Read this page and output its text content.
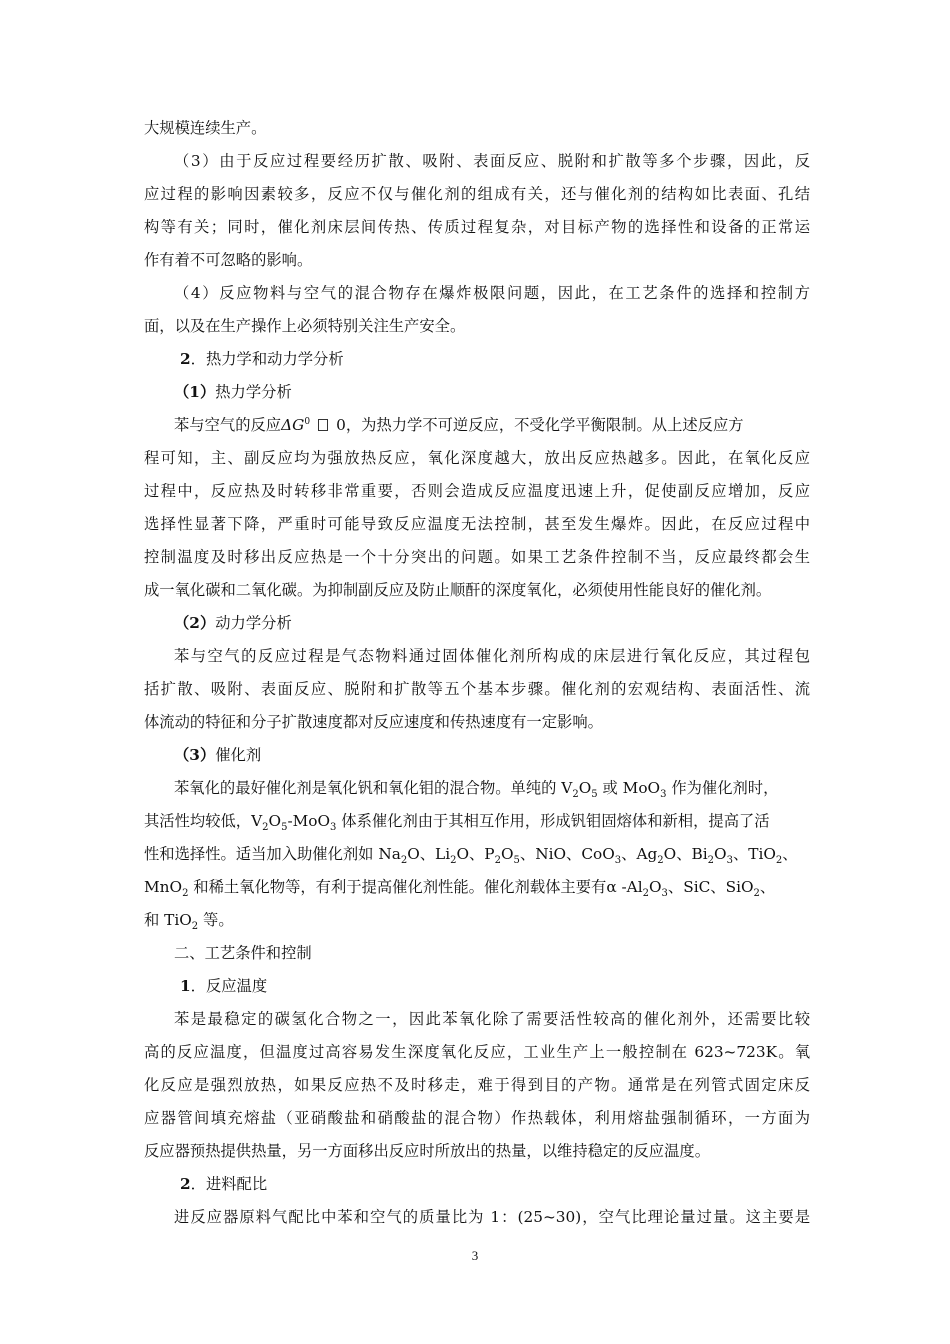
大规模连续生产。
（3）由于反应过程要经历扩散、吸附、表面反应、脱附和扩散等多个步骤，因此，反
应过程的影响因素较多，反应不仅与催化剂的组成有关，还与催化剂的结构如比表面、孔结
构等有关；同时，催化剂床层间传热、传质过程复杂，对目标产物的选择性和设备的正常运
作有着不可忽略的影响。
（4）反应物料与空气的混合物存在爆炸极限问题，因此，在工艺条件的选择和控制方
面，以及在生产操作上必须特别关注生产安全。
2．热力学和动力学分析
（1）热力学分析
苯与空气的反应$\Delta G^0$ 0，为热力学不可逆反应，不受化学平衡限制。从上述反应方
程可知，主、副反应均为强放热反应，氧化深度越大，放出反应热越多。因此，在氧化反应
过程中，反应热及时转移非常重要，否则会造成反应温度迅速上升，促使副反应增加，反应
选择性显著下降，严重时可能导致反应温度无法控制，甚至发生爆炸。因此，在反应过程中
控制温度及时移出反应热是一个十分突出的问题。如果工艺条件控制不当，反应最终都会生
成一氧化碳和二氧化碳。为抑制副反应及防止顺酐的深度氧化，必须使用性能良好的催化剂。
（2）动力学分析
苯与空气的反应过程是气态物料通过固体催化剂所构成的床层进行氧化反应，其过程包
括扩散、吸附、表面反应、脱附和扩散等五个基本步骤。催化剂的宏观结构、表面活性、流
体流动的特征和分子扩散速度都对反应速度和传热速度有一定影响。
（3）催化剂
苯氧化的最好催化剂是氧化钒和氧化钼的混合物。单纯的 $V_2O_5$ 或 MoO$_3$ 作为催化剂时，
其活性均较低，$V_2O_5-MoO_3$ 体系催化剂由于其相互作用，形成钒钼固熔体和新相，提高了活
性和选择性。适当加入助催化剂如 $Na_2O$、$Li_2O$、$P_2O_5$、NiO、CoO$_3$、$Ag_2O$、$Bi_2O_3$、TiO$_2$、
MnO$_2$ 和稀土氧化物等，有利于提高催化剂性能。催化剂载体主要有α $-Al_2O_3$、SiC、SiO$_2$、
和 TiO$_2$ 等。
二、工艺条件和控制
1．反应温度
苯是最稳定的碳氢化合物之一，因此苯氧化除了需要活性较高的催化剂外，还需要比较
高的反应温度，但温度过高容易发生深度氧化反应，工业生产上一般控制在 623~723K。氧
化反应是强烈放热，如果反应热不及时移走，难于得到目的产物。通常是在列管式固定床反
应器管间填充熔盐（亚硝酸盐和硝酸盐的混合物）作热载体，利用熔盐强制循环，一方面为
反应器预热提供热量，另一方面移出反应时所放出的热量，以维持稳定的反应温度。
2．进料配比
进反应器原料气配比中苯和空气的质量比为 1：(25~30)，空气比理论量过量。这主要是
3
